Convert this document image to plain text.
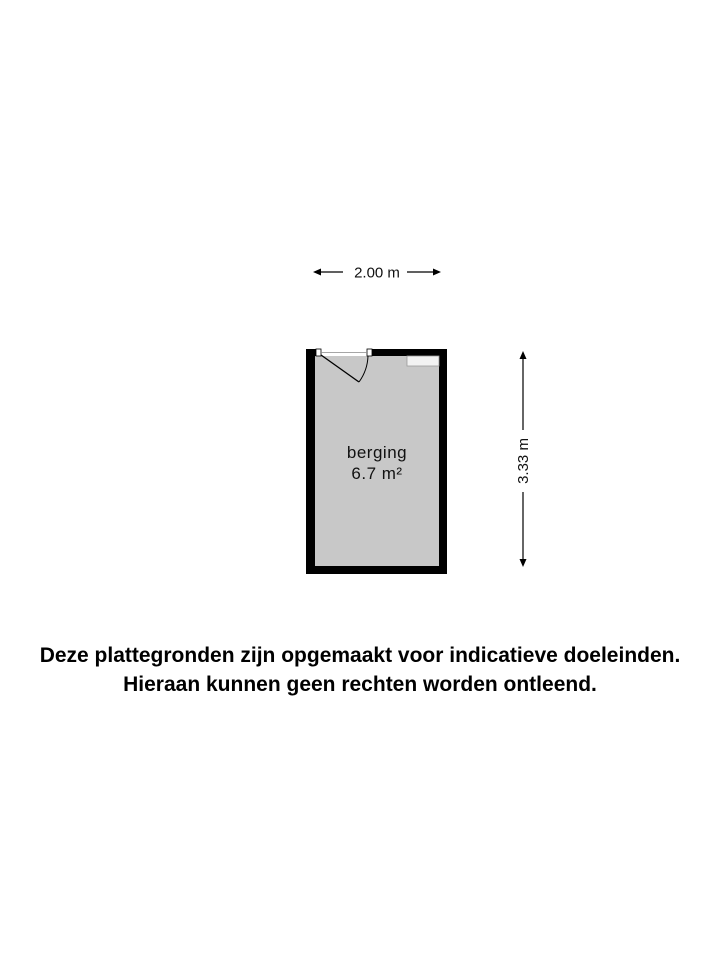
2.00 m
3.33 m
berging
6.7 m²
Deze plattegronden zijn opgemaakt voor indicatieve doeleinden.
Hieraan kunnen geen rechten worden ontleend.
